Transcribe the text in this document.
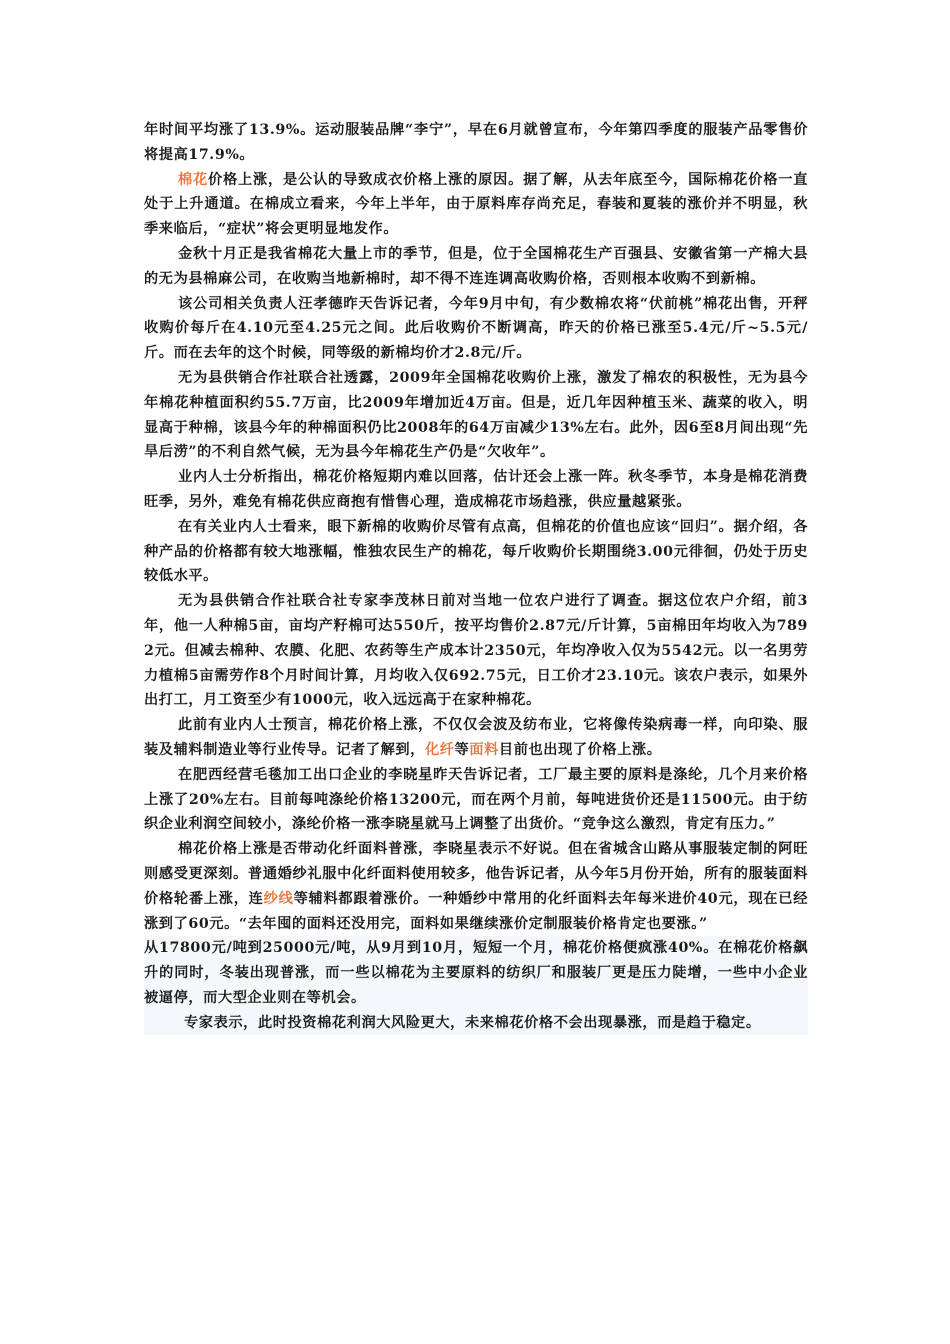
年时间平均涨了13.9%。运动服装品牌“李宁”，早在6月就曾宣布，今年第四季度的服装产品零售价将提高17.9%。

棉花价格上涨，是公认的导致成衣价格上涨的原因。据了解，从去年底至今，国际棉花价格一直处于上升通道。在棉成立看来，今年上半年，由于原料库存尚充足，春装和夏装的涨价并不明显，秋季来临后，“症状”将会更明显地发作。

金秋十月正是我省棉花大量上市的季节，但是，位于全国棉花生产百强县、安徽省第一产棉大县的无为县棉麻公司，在收购当地新棉时，却不得不连连调高收购价格，否则根本收购不到新棉。

该公司相关负责人汪孝德昨天告诉记者，今年9月中旬，有少数棉农将“伏前桃”棉花出售，开秤收购价每斤在4.10元至4.25元之间。此后收购价不断调高，昨天的价格已涨至5.4元/斤~5.5元/斤。而在去年的这个时候，同等级的新棉均价才2.8元/斤。

无为县供销合作社联合社透露，2009年全国棉花收购价上涨，激发了棉农的积极性，无为县今年棉花种植面积约55.7万亩，比2009年增加近4万亩。但是，近几年因种植玉米、蔬菜的收入，明显高于种棉，该县今年的种棉面积仍比2008年的64万亩减少13%左右。此外，因6至8月间出现“先旱后涝”的不利自然气候，无为县今年棉花生产仍是“欠收年”。

业内人士分析指出，棉花价格短期内难以回落，估计还会上涨一阵。秋冬季节，本身是棉花消费旺季，另外，难免有棉花供应商抱有惜售心理，造成棉花市场趋涨，供应量越紧张。

在有关业内人士看来，眼下新棉的收购价尽管有点高，但棉花的价值也应该“回归”。据介绍，各种产品的价格都有较大地涨幅，惟独农民生产的棉花，每斤收购价长期围绕3.00元徘徊，仍处于历史较低水平。

无为县供销合作社联合社专家李茂林日前对当地一位农户进行了调查。据这位农户介绍，前3年，他一人种棉5亩，亩均产籽棉可达550斤，按平均售价2.87元/斤计算，5亩棉田年均收入为7892元。但减去棉种、农膜、化肥、农药等生产成本计2350元，年均净收入仅为5542元。以一名男劳力植棉5亩需劳作8个月时间计算，月均收入仅692.75元，日工价才23.10元。该农户表示，如果外出打工，月工资至少有1000元，收入远远高于在家种棉花。

此前有业内人士预言，棉花价格上涨，不仅仅会波及纺布业，它将像传染病毒一样，向印染、服装及辅料制造业等行业传导。记者了解到，化纤等面料目前也出现了价格上涨。

在肥西经营毛毯加工出口企业的李晓星昨天告诉记者，工厂最主要的原料是涤纶，几个月来价格上涨了20%左右。目前每吨涤纶价格13200元，而在两个月前，每吨进货价还是11500元。由于纺织企业利润空间较小，涤纶价格一涨李晓星就马上调整了出货价。“竞争这么激烈，肯定有压力。”

棉花价格上涨是否带动化纤面料普涨，李晓星表示不好说。但在省城含山路从事服装定制的阿旺则感受更深刻。普通婚纱礼服中化纤面料使用较多，他告诉记者，从今年5月份开始，所有的服装面料价格轮番上涨，连纱线等辅料都跟着涨价。一种婚纱中常用的化纤面料去年每米进价40元，现在已经涨到了60元。“去年囤的面料还没用完，面料如果继续涨价定制服装价格肯定也要涨。”

从17800元/吨到25000元/吨，从9月到10月，短短一个月，棉花价格便疯涨40%。在棉花价格飙升的同时，冬装出现普涨，而一些以棉花为主要原料的纺织厂和服装厂更是压力陡增，一些中小企业被逼停，而大型企业则在等机会。

专家表示，此时投资棉花利润大风险更大，未来棉花价格不会出现暴涨，而是趋于稳定。
